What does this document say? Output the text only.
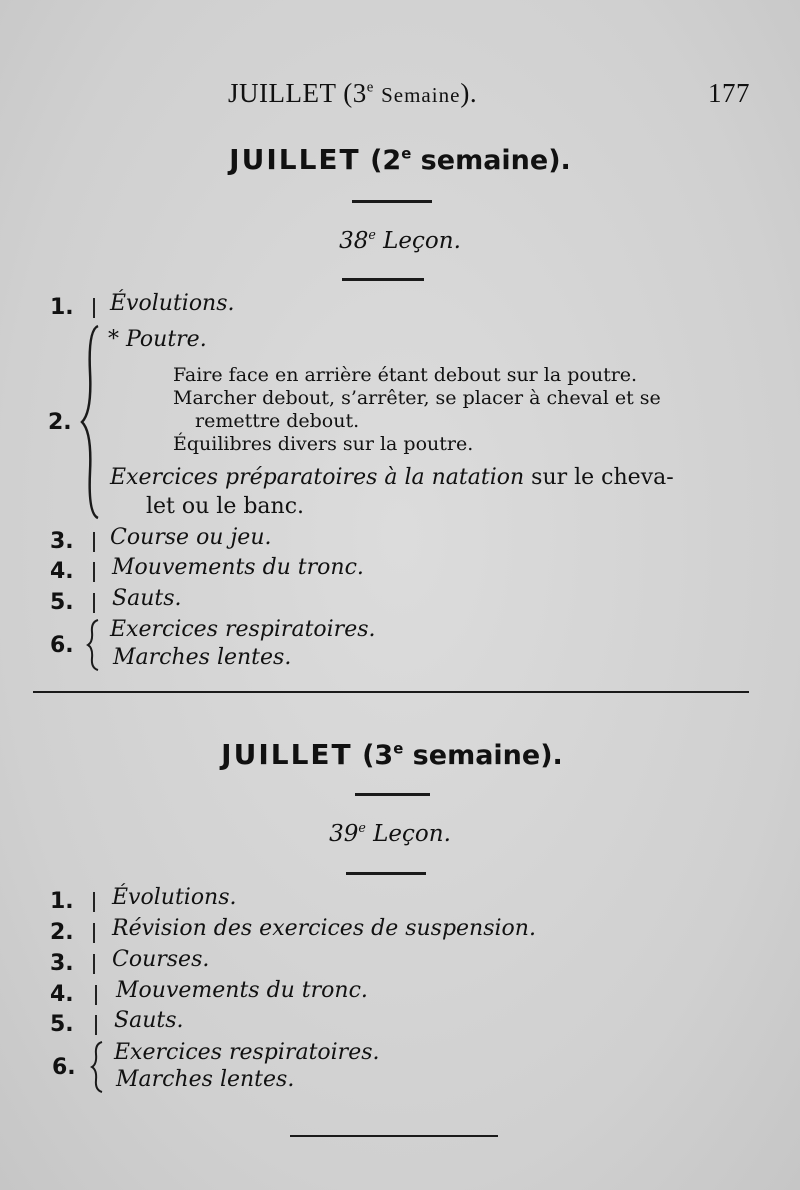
JUILLET (3e Semaine).	177
JUILLET (2e semaine).
38e Leçon.
1. Évolutions.
2.
* Poutre.
Faire face en arrière étant debout sur la poutre.
Marcher debout, s’arrêter, se placer à cheval et se
remettre debout.
Équilibres divers sur la poutre.
Exercices préparatoires à la natation sur le cheva-
let ou le banc.
3. Course ou jeu.
4. Mouvements du tronc.
5. Sauts.
6.
Exercices respiratoires.
Marches lentes.
JUILLET (3e semaine).
39e Leçon.
1. Évolutions.
2. Révision des exercices de suspension.
3. Courses.
4. Mouvements du tronc.
5. Sauts.
6.
Exercices respiratoires.
Marches lentes.
